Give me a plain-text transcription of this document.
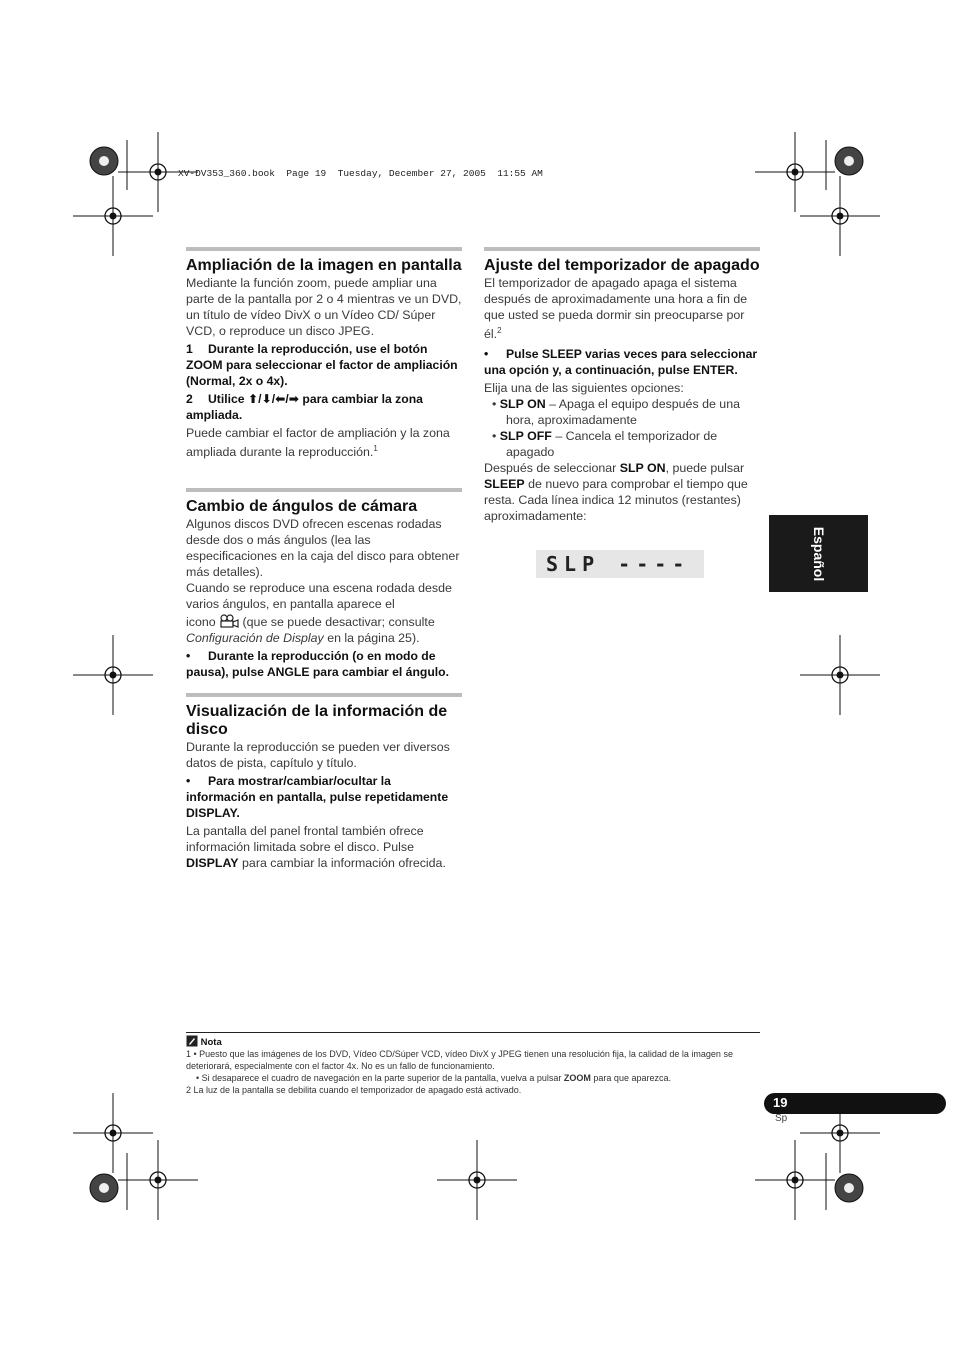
XV-DV353_360.book  Page 19  Tuesday, December 27, 2005  11:55 AM
Ampliación de la imagen en pantalla

Mediante la función zoom, puede ampliar una parte de la pantalla por 2 o 4 mientras ve un DVD, un título de vídeo DivX o un Vídeo CD/ Súper VCD, o reproduce un disco JPEG.

1 Durante la reproducción, use el botón ZOOM para seleccionar el factor de ampliación (Normal, 2x o 4x).
2 Utilice ⬆/⬇/⬅/➡ para cambiar la zona ampliada.

Puede cambiar el factor de ampliación y la zona ampliada durante la reproducción.$^1$

Cambio de ángulos de cámara

Algunos discos DVD ofrecen escenas rodadas desde dos o más ángulos (lea las especificaciones en la caja del disco para obtener más detalles).

Cuando se reproduce una escena rodada desde varios ángulos, en pantalla aparece el

icono (que se puede desactivar; consulte Configuración de Display en la página 25).

• Durante la reproducción (o en modo de pausa), pulse ANGLE para cambiar el ángulo.
Visualización de la información de disco

Durante la reproducción se pueden ver diversos datos de pista, capítulo y título.

• Para mostrar/cambiar/ocultar la información en pantalla, pulse repetidamente DISPLAY.

La pantalla del panel frontal también ofrece información limitada sobre el disco. Pulse DISPLAY para cambiar la información ofrecida.

Ajuste del temporizador de apagado

El temporizador de apagado apaga el sistema después de aproximadamente una hora a fin de que usted se pueda dormir sin preocuparse por él.$^2$

• Pulse SLEEP varias veces para seleccionar una opción y, a continuación, pulse ENTER.

Elija una de las siguientes opciones:

• SLP ON – Apaga el equipo después de una hora, aproximadamente
• SLP OFF – Cancela el temporizador de apagado

Después de seleccionar SLP ON, puede pulsar SLEEP de nuevo para comprobar el tiempo que resta. Cada línea indica 12 minutos (restantes) aproximadamente:

SLP ----	Español
Nota

1 • Puesto que las imágenes de los DVD, Vídeo CD/Súper VCD, vídeo DivX y JPEG tienen una resolución fija, la calidad de la imagen se deteriorará, especialmente con el factor 4x. No es un fallo de funcionamiento.

• Si desaparece el cuadro de navegación en la parte superior de la pantalla, vuelva a pulsar ZOOM para que aparezca.

2 La luz de la pantalla se debilita cuando el temporizador de apagado está activado.

19
Sp
